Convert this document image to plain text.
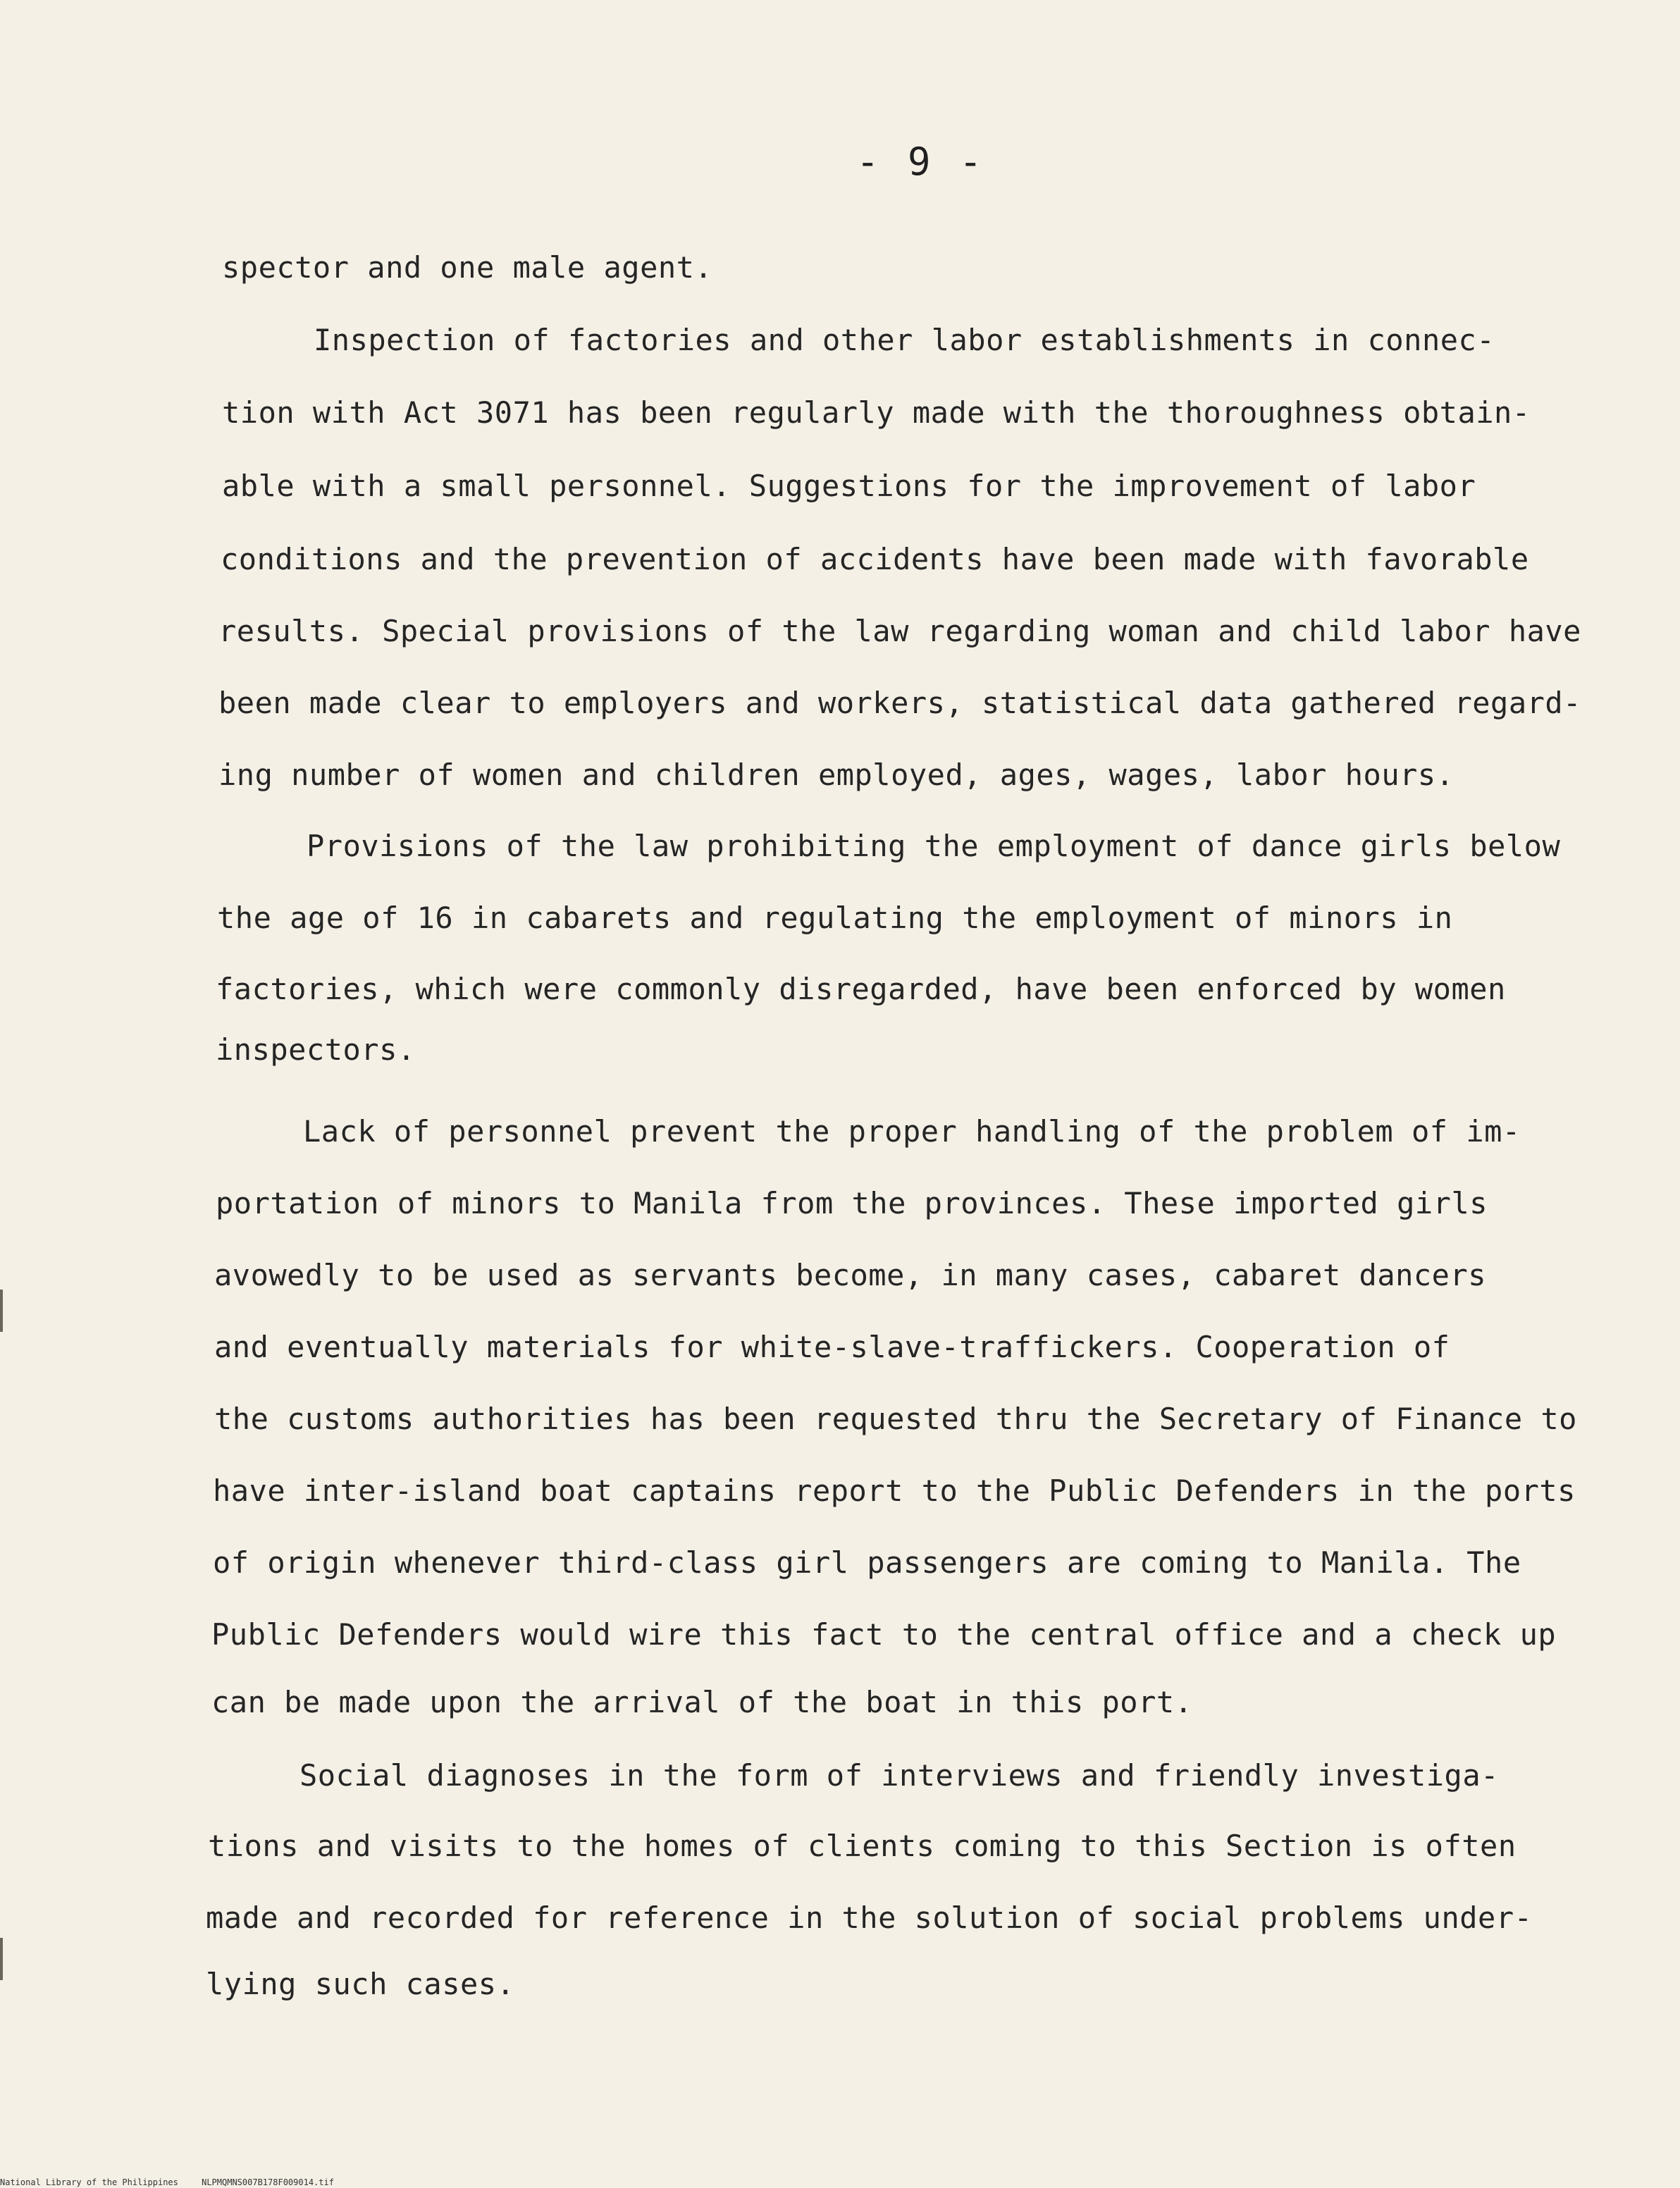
- 9 -
spector and one male agent.
Inspection of factories and other labor establishments in connec-
tion with Act 3071 has been regularly made with the thoroughness obtain-
able with a small personnel. Suggestions for the improvement of labor
conditions and the prevention of accidents have been made with favorable
results. Special provisions of the law regarding woman and child labor have
been made clear to employers and workers, statistical data gathered regard-
ing number of women and children employed, ages, wages, labor hours.
Provisions of the law prohibiting the employment of dance girls below
the age of 16 in cabarets and regulating the employment of minors in
factories, which were commonly disregarded, have been enforced by women
inspectors.
Lack of personnel prevent the proper handling of the problem of im-
portation of minors to Manila from the provinces. These imported girls
avowedly to be used as servants become, in many cases, cabaret dancers
and eventually materials for white-slave-traffickers. Cooperation of
the customs authorities has been requested thru the Secretary of Finance to
have inter-island boat captains report to the Public Defenders in the ports
of origin whenever third-class girl passengers are coming to Manila. The
Public Defenders would wire this fact to the central office and a check up
can be made upon the arrival of the boat in this port.
Social diagnoses in the form of interviews and friendly investiga-
tions and visits to the homes of clients coming to this Section is often
made and recorded for reference in the solution of social problems under-
lying such cases.
National Library of the Philippines	NLPMQMNS007B178F009014.tif
